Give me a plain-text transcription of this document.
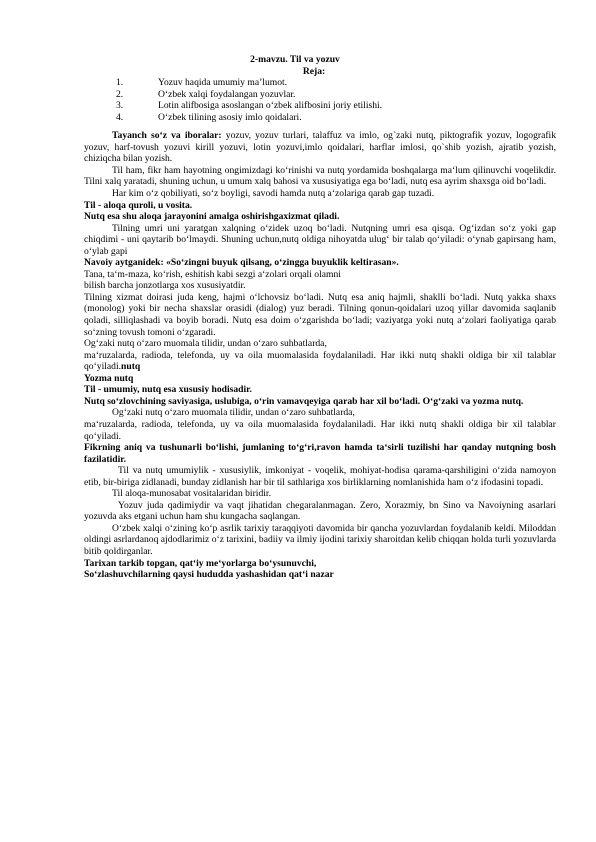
2-mavzu. Til va yozuv
Reja:
1.	Yozuv haqida umumiy ma’lumot.
2.	O‘zbek xalqi foydalangan yozuvlar.
3.	Lotin alifbosiga asoslangan o‘zbek alifbosini joriy etilishi.
4.	O‘zbek tilining asosiy imlo qoidalari.

Tayanch so‘z va iboralar: yozuv, yozuv turlari, talaffuz va imlo, og`zaki nutq, piktografik yozuv, logografik yozuv, harf-tovush yozuvi kirill yozuvi, lotin yozuvi,imlo qoidalari, harflar imlosi, qo`shib yozish, ajratib yozish, chiziqcha bilan yozish.

Til ham, fikr ham hayotning ongimizdagi ko‘rinishi va nutq yordamida boshqalarga ma‘lum qilinuvchi voqelikdir. Tilni xalq yaratadi, shuning uchun, u umum xalq bahosi va xususiyatiga ega bo‘ladi, nutq esa ayrim shaxsga oid bo‘ladi.

Har kim o‘z qobiliyati, so‘z boyligi, savodi hamda nutq a‘zolariga qarab gap tuzadi.

Til - aloqa quroli, u vosita.

Nutq esa shu aloqa jarayonini amalga oshirishgaxizmat qiladi.

Tilning umri uni yaratgan xalqning o‘zidek uzoq bo‘ladi. Nutqning umri esa qisqa. Og‘izdan so‘z yoki gap chiqdimi - uni qaytarib bo‘lmaydi. Shuning uchun,nutq oldiga nihoyatda ulug‘ bir talab qo‘yiladi: o‘ynab gapirsang ham, o‘ylab gapi

Navoiy aytganidek: «So‘zingni buyuk qilsang, o‘zingga buyuklik keltirasan».

Tana, ta‘m-maza, ko‘rish, eshitish kabi sezgi a‘zolari orqali olamni bilish barcha jonzotlarga xos xususiyatdir.

Tilning xizmat doirasi juda keng, hajmi o‘lchovsiz bo‘ladi. Nutq esa aniq hajmli, shaklli bo‘ladi. Nutq yakka shaxs (monolog) yoki bir necha shaxslar orasidi (dialog) yuz beradi. Tilning qonun-qoidalari uzoq yillar davomida saqlanib qoladi, silliqlashadi va boyib boradi. Nutq esa doim o‘zgarishda bo‘ladi; vaziyatga yoki nutq a‘zolari faoliyatiga qarab so‘zning tovush tomoni o‘zgaradi.

Og‘zaki nutq o‘zaro muomala tilidir, undan o‘zaro suhbatlarda,

ma‘ruzalarda, radioda, telefonda, uy va oila muomalasida foydalaniladi. Har ikki nutq shakli oldiga bir xil talablar qo‘yiladi.nutq

Yozma nutq

Til - umumiy, nutq esa xususiy hodisadir.

Nutq so‘zlovchining saviyasiga, uslubiga, o‘rin vamavqeyiga qarab har xil bo‘ladi. O‘g‘zaki va yozma nutq.

Og‘zaki nutq o‘zaro muomala tilidir, undan o‘zaro suhbatlarda,

ma‘ruzalarda, radioda, telefonda, uy va oila muomalasida foydalaniladi. Har ikki nutq shakli oldiga bir xil talablar qo‘yiladi.

Fikrning aniq va tushunarli bo‘lishi, jumlaning to‘g‘ri,ravon hamda ta‘sirli tuzilishi har qanday nutqning bosh fazilatidir.

Til va nutq umumiylik - xususiylik, imkoniyat - voqelik, mohiyat-hodisa qarama-qarshiligini o‘zida namoyon etib, bir-biriga zidlanadi, bunday zidlanish har bir til sathlariga xos birliklarning nomlanishida ham o‘z ifodasini topadi.

Til aloqa-munosabat vositalaridan biridir.

Yozuv juda qadimiydir va vaqt jihatidan chegaralanmagan. Zero, Xorazmiy, bn Sino va Navoiyning asarlari yozuvda aks etgani uchun ham shu kungacha saqlangan.

O‘zbek xalqi o‘zining ko‘p asrlik tarixiy taraqqiyoti davomida bir qancha yozuvlardan foydalanib keldi. Miloddan oldingi asrlardanoq ajdodlarimiz o‘z tarixini, badiiy va ilmiy ijodini tarixiy sharoitdan kelib chiqqan holda turli yozuvlarda bitib qoldirganlar.

Tarixan tarkib topgan, qat‘iy me‘yorlarga bo‘ysunuvchi,

So‘zlashuvchilarning qaysi hududda yashashidan qat‘i nazar
